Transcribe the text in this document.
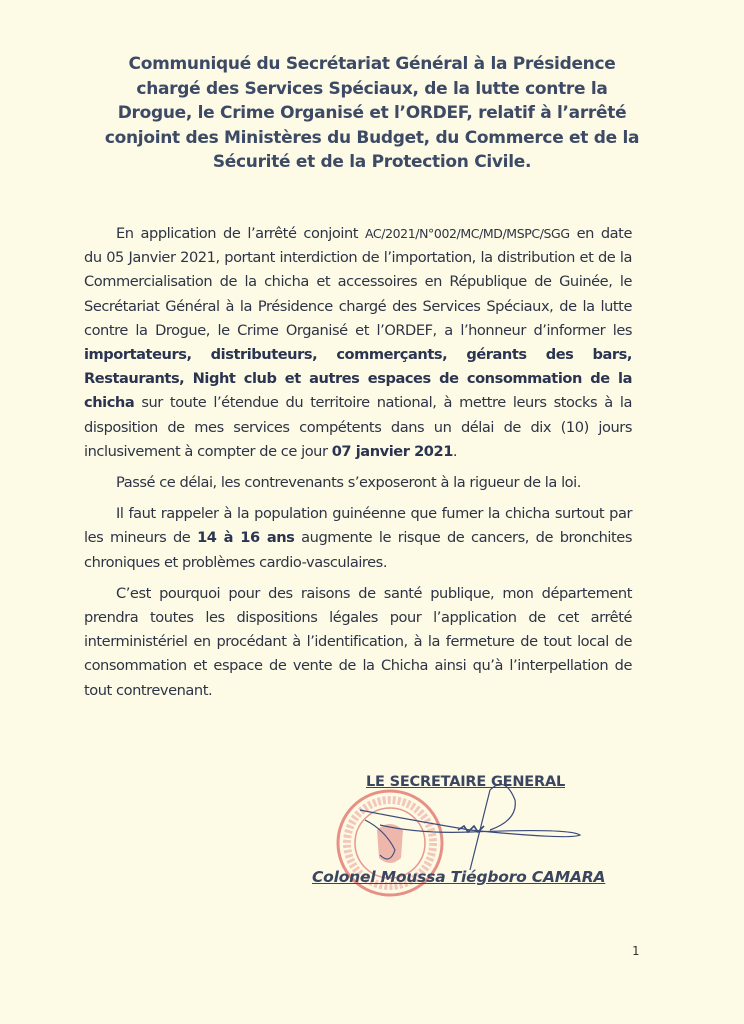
Communiqué du Secrétariat Général à la Présidence
chargé des Services Spéciaux, de la lutte contre la
Drogue, le Crime Organisé et l’ORDEF, relatif à l’arrêté
conjoint des Ministères du Budget, du Commerce et de la
Sécurité et de la Protection Civile.

En application de l’arrêté conjoint AC/2021/N°002/MC/MD/MSPC/SGG en date du 05 Janvier 2021, portant interdiction de l’importation, la distribution et de la Commercialisation de la chicha et accessoires en République de Guinée, le Secrétariat Général à la Présidence chargé des Services Spéciaux, de la lutte contre la Drogue, le Crime Organisé et l’ORDEF, a l’honneur d’informer les importateurs, distributeurs, commerçants, gérants des bars, Restaurants, Night club et autres espaces de consommation de la chicha sur toute l’étendue du territoire national, à mettre leurs stocks à la disposition de mes services compétents dans un délai de dix (10) jours inclusivement à compter de ce jour 07 janvier 2021.

Passé ce délai, les contrevenants s’exposeront à la rigueur de la loi.

Il faut rappeler à la population guinéenne que fumer la chicha surtout par les mineurs de 14 à 16 ans augmente le risque de cancers, de bronchites chroniques et problèmes cardio-vasculaires.

C’est pourquoi pour des raisons de santé publique, mon département prendra toutes les dispositions légales pour l’application de cet arrêté interministériel en procédant à l’identification, à la fermeture de tout local de consommation et espace de vente de la Chicha ainsi qu’à l’interpellation de tout contrevenant.

LE SECRETAIRE GENERAL
Colonel Moussa Tiégboro CAMARA
1
